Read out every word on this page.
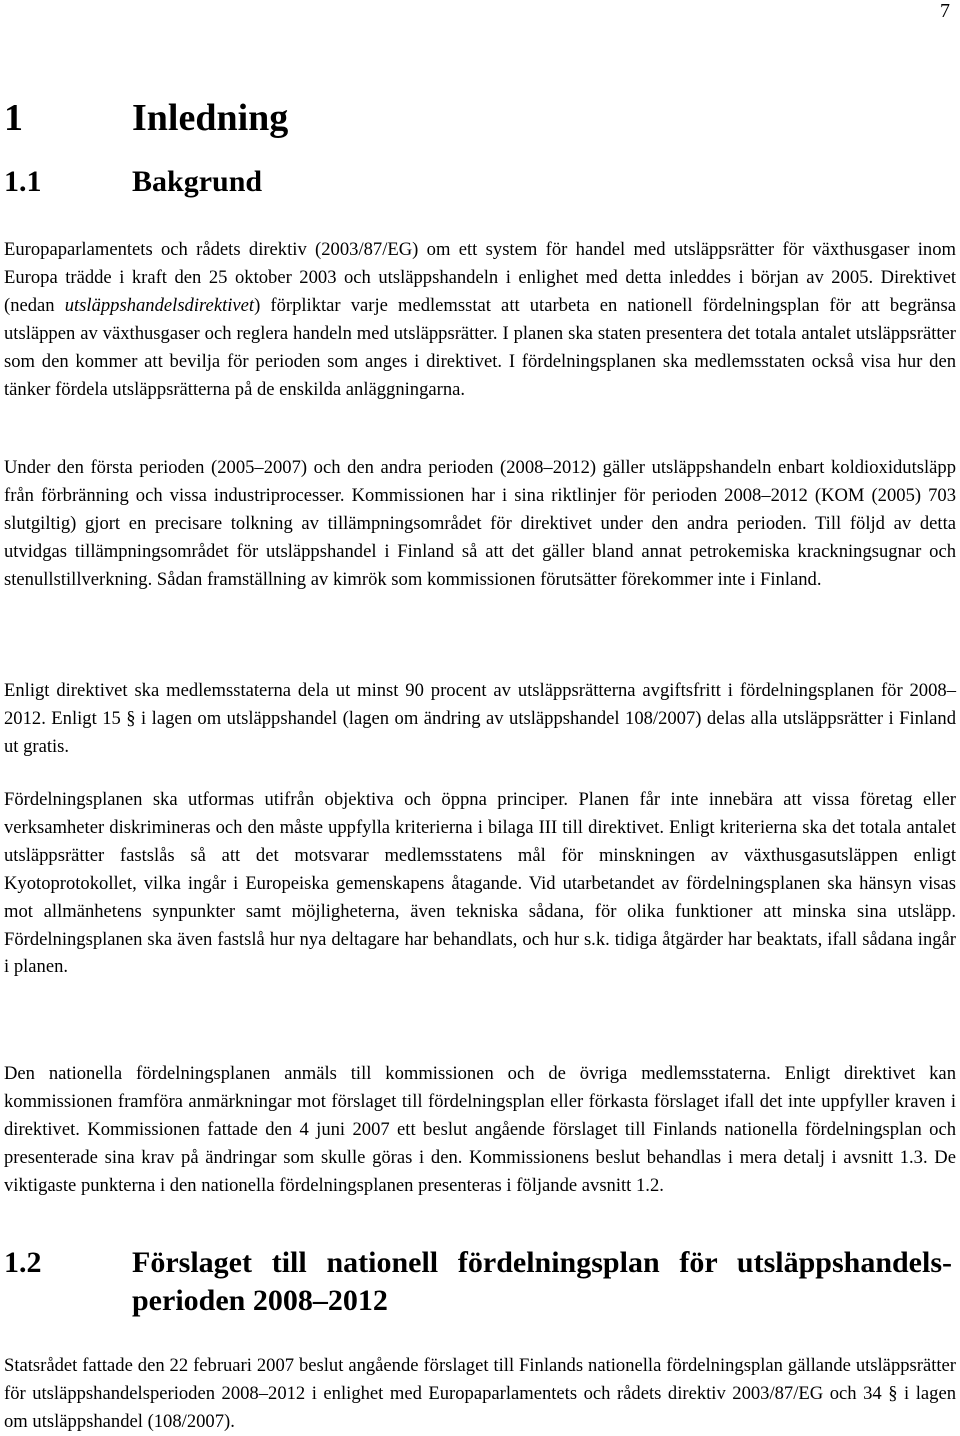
7
1	Inledning
1.1	Bakgrund

Europaparlamentets och rådets direktiv (2003/87/EG) om ett system för handel med utsläppsrätter för växthusgaser inom Europa trädde i kraft den 25 oktober 2003 och utsläppshandeln i enlighet med detta inleddes i början av 2005. Direktivet (nedan utsläppshandelsdirektivet) förpliktar varje medlemsstat att utarbeta en nationell fördelningsplan för att begränsa utsläppen av växthusgaser och reglera handeln med utsläppsrätter. I planen ska staten presentera det totala antalet utsläppsrätter som den kommer att bevilja för perioden som anges i direktivet. I fördelningsplanen ska medlemsstaten också visa hur den tänker fördela utsläppsrätterna på de enskilda anläggningarna.

Under den första perioden (2005–2007) och den andra perioden (2008–2012) gäller utsläppshandeln enbart koldioxidutsläpp från förbränning och vissa industriprocesser. Kommissionen har i sina riktlinjer för perioden 2008–2012 (KOM (2005) 703 slutgiltig) gjort en precisare tolkning av tillämpningsområdet för direktivet under den andra perioden. Till följd av detta utvidgas tillämpningsområdet för utsläppshandel i Finland så att det gäller bland annat petrokemiska krackningsugnar och stenullstillverkning. Sådan framställning av kimrök som kommissionen förutsätter förekommer inte i Finland.

Enligt direktivet ska medlemsstaterna dela ut minst 90 procent av utsläppsrätterna avgiftsfritt i fördelningsplanen för 2008–2012. Enligt 15 § i lagen om utsläppshandel (lagen om ändring av utsläppshandel 108/2007) delas alla utsläppsrätter i Finland ut gratis.

Fördelningsplanen ska utformas utifrån objektiva och öppna principer. Planen får inte innebära att vissa företag eller verksamheter diskrimineras och den måste uppfylla kriterierna i bilaga III till direktivet. Enligt kriterierna ska det totala antalet utsläppsrätter fastslås så att det motsvarar medlemsstatens mål för minskningen av växthusgasutsläppen enligt Kyotoprotokollet, vilka ingår i Europeiska gemenskapens åtagande. Vid utarbetandet av fördelningsplanen ska hänsyn visas mot allmänhetens synpunkter samt möjligheterna, även tekniska sådana, för olika funktioner att minska sina utsläpp. Fördelningsplanen ska även fastslå hur nya deltagare har behandlats, och hur s.k. tidiga åtgärder har beaktats, ifall sådana ingår i planen.

Den nationella fördelningsplanen anmäls till kommissionen och de övriga medlemsstaterna. Enligt direktivet kan kommissionen framföra anmärkningar mot förslaget till fördelningsplan eller förkasta förslaget ifall det inte uppfyller kraven i direktivet. Kommissionen fattade den 4 juni 2007 ett beslut angående förslaget till Finlands nationella fördelningsplan och presenterade sina krav på ändringar som skulle göras i den. Kommissionens beslut behandlas i mera detalj i avsnitt 1.3. De viktigaste punkterna i den nationella fördelningsplanen presenteras i följande avsnitt 1.2.

1.2	Förslaget till nationell fördelningsplan för utsläppshandels-perioden 2008–2012

Statsrådet fattade den 22 februari 2007 beslut angående förslaget till Finlands nationella fördelningsplan gällande utsläppsrätter för utsläppshandelsperioden 2008–2012 i enlighet med Europaparlamentets och rådets direktiv 2003/87/EG och 34 § i lagen om utsläppshandel (108/2007).
